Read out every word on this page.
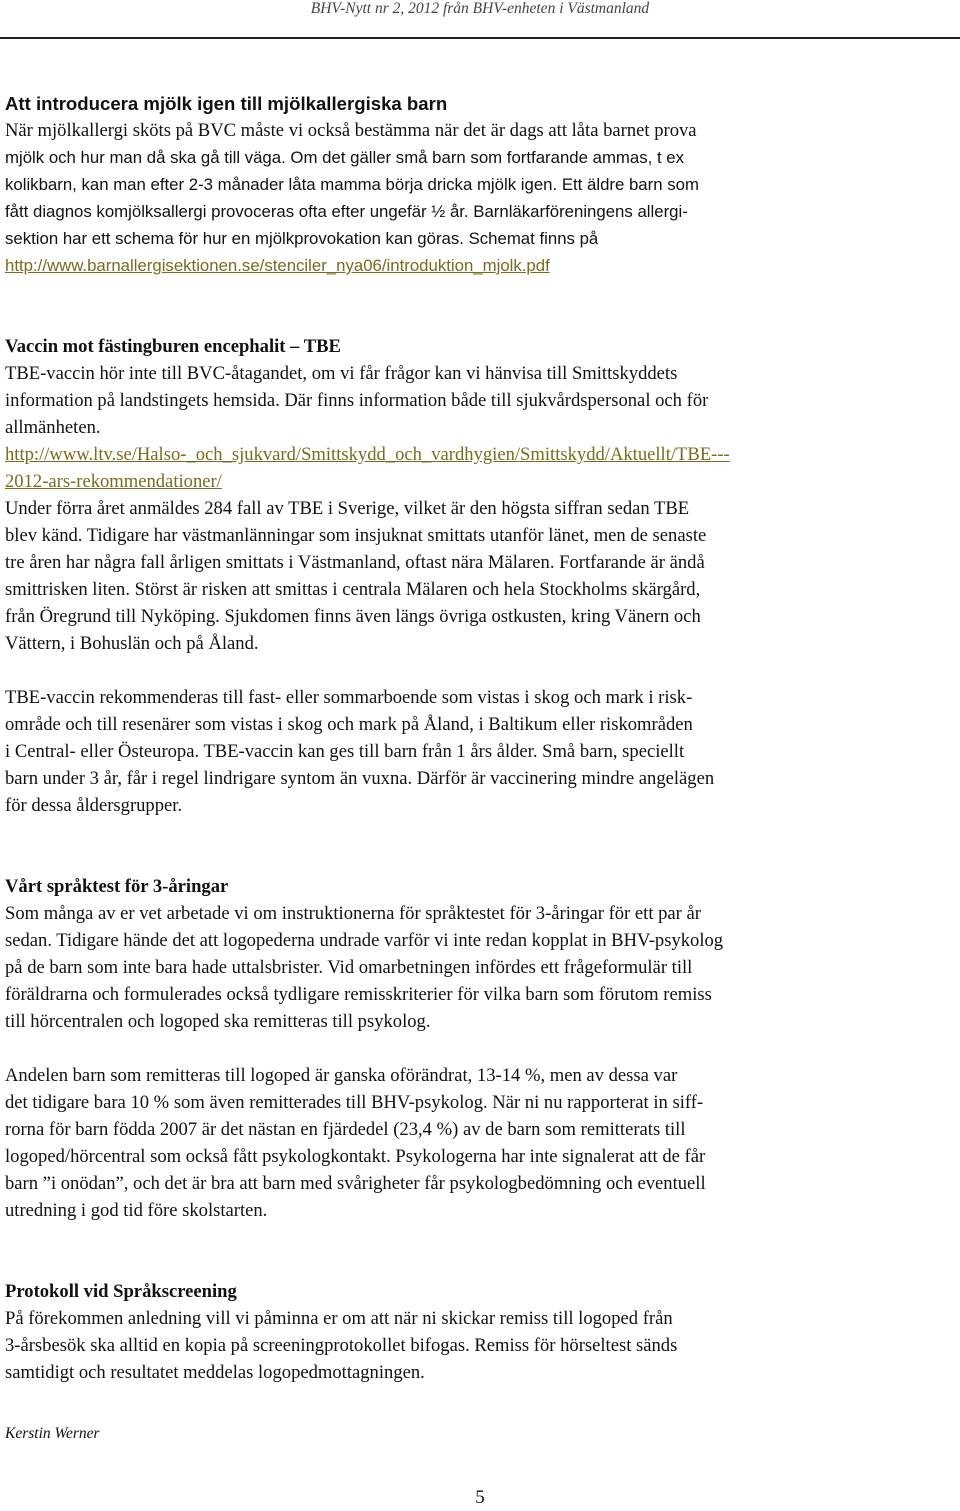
BHV-Nytt nr 2, 2012 från BHV-enheten i Västmanland
Att introducera mjölk igen till mjölkallergiska barn

När mjölkallergi sköts på BVC måste vi också bestämma när det är dags att låta barnet prova

mjölk och hur man då ska gå till väga. Om det gäller små barn som fortfarande ammas, t ex

kolikbarn, kan man efter 2-3 månader låta mamma börja dricka mjölk igen. Ett äldre barn som

fått diagnos komjölksallergi provoceras ofta efter ungefär ½ år. Barnläkarföreningens allergi-

sektion har ett schema för hur en mjölkprovokation kan göras. Schemat finns på

http://www.barnallergisektionen.se/stenciler_nya06/introduktion_mjolk.pdf

Vaccin mot fästingburen encephalit – TBE

TBE-vaccin hör inte till BVC-åtagandet, om vi får frågor kan vi hänvisa till Smittskyddets

information på landstingets hemsida. Där finns information både till sjukvårdspersonal och för

allmänheten.

http://www.ltv.se/Halso-_och_sjukvard/Smittskydd_och_vardhygien/Smittskydd/Aktuellt/TBE---

2012-ars-rekommendationer/

Under förra året anmäldes 284 fall av TBE i Sverige, vilket är den högsta siffran sedan TBE

blev känd. Tidigare har västmanlänningar som insjuknat smittats utanför länet, men de senaste

tre åren har några fall årligen smittats i Västmanland, oftast nära Mälaren. Fortfarande är ändå

smittrisken liten. Störst är risken att smittas i centrala Mälaren och hela Stockholms skärgård,

från Öregrund till Nyköping. Sjukdomen finns även längs övriga ostkusten, kring Vänern och

Vättern, i Bohuslän och på Åland.

TBE-vaccin rekommenderas till fast- eller sommarboende som vistas i skog och mark i risk-

område och till resenärer som vistas i skog och mark på Åland, i Baltikum eller riskområden

i Central- eller Östeuropa. TBE-vaccin kan ges till barn från 1 års ålder. Små barn, speciellt

barn under 3 år, får i regel lindrigare syntom än vuxna. Därför är vaccinering mindre angelägen

för dessa åldersgrupper.

Vårt språktest för 3-åringar

Som många av er vet arbetade vi om instruktionerna för språktestet för 3-åringar för ett par år

sedan. Tidigare hände det att logopederna undrade varför vi inte redan kopplat in BHV-psykolog

på de barn som inte bara hade uttalsbrister. Vid omarbetningen infördes ett frågeformulär till

föräldrarna och formulerades också tydligare remisskriterier för vilka barn som förutom remiss

till hörcentralen och logoped ska remitteras till psykolog.

Andelen barn som remitteras till logoped är ganska oförändrat, 13-14 %, men av dessa var

det tidigare bara 10 % som även remitterades till BHV-psykolog. När ni nu rapporterat in siff-

rorna för barn födda 2007 är det nästan en fjärdedel (23,4 %) av de barn som remitterats till

logoped/hörcentral som också fått psykologkontakt. Psykologerna har inte signalerat att de får

barn ”i onödan”, och det är bra att barn med svårigheter får psykologbedömning och eventuell

utredning i god tid före skolstarten.

Protokoll vid Språkscreening

På förekommen anledning vill vi påminna er om att när ni skickar remiss till logoped från

3-årsbesök ska alltid en kopia på screeningprotokollet bifogas. Remiss för hörseltest sänds

samtidigt och resultatet meddelas logopedmottagningen.

Kerstin Werner

5
